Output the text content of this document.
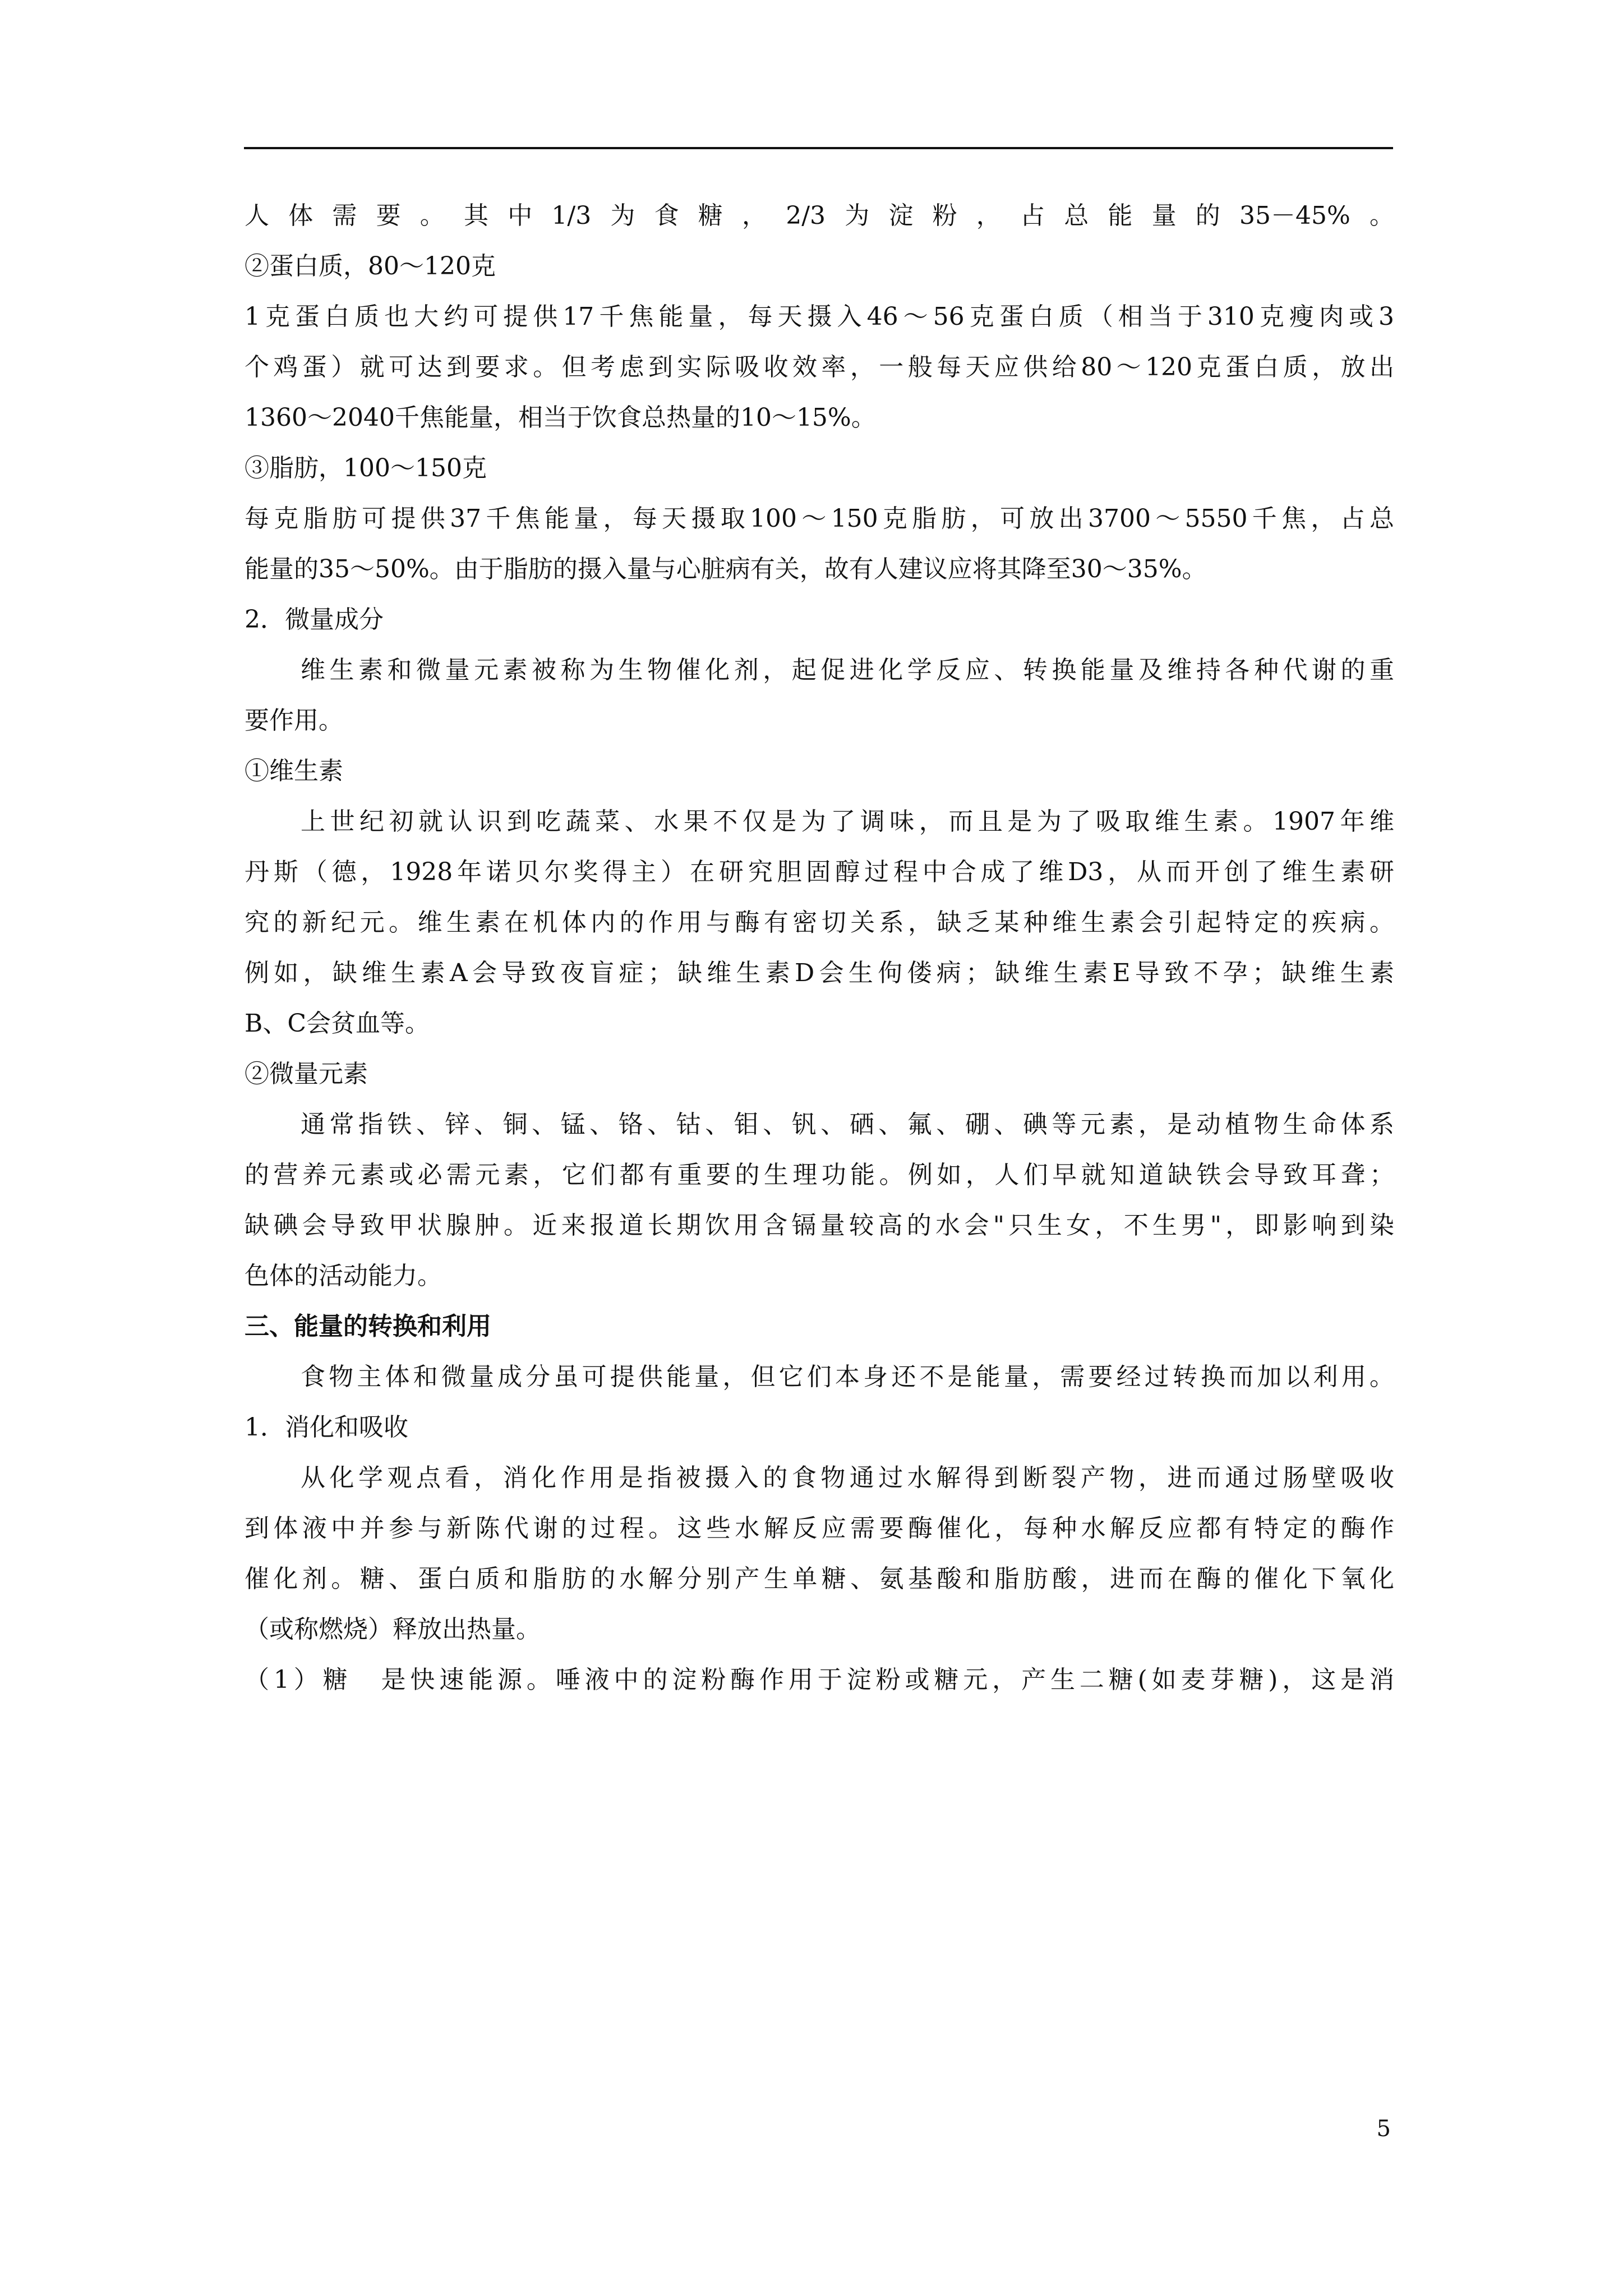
人体需要。其中1/3为食糖，2/3为淀粉，占总能量的35－45%。
②蛋白质，80～120克
1克蛋白质也大约可提供17千焦能量，每天摄入46～56克蛋白质（相当于310克瘦肉或3
个鸡蛋）就可达到要求。但考虑到实际吸收效率，一般每天应供给80～120克蛋白质，放出
1360～2040千焦能量，相当于饮食总热量的10～15%。
③脂肪，100～150克
每克脂肪可提供37千焦能量，每天摄取100～150克脂肪，可放出3700～5550千焦，占总
能量的35～50%。由于脂肪的摄入量与心脏病有关，故有人建议应将其降至30～35%。
2．微量成分
维生素和微量元素被称为生物催化剂，起促进化学反应、转换能量及维持各种代谢的重
要作用。
①维生素
上世纪初就认识到吃蔬菜、水果不仅是为了调味，而且是为了吸取维生素。1907年维
丹斯（德，1928年诺贝尔奖得主）在研究胆固醇过程中合成了维D3，从而开创了维生素研
究的新纪元。维生素在机体内的作用与酶有密切关系，缺乏某种维生素会引起特定的疾病。
例如，缺维生素A会导致夜盲症；缺维生素D会生佝偻病；缺维生素E导致不孕；缺维生素
B、C会贫血等。
②微量元素
通常指铁、锌、铜、锰、铬、钴、钼、钒、硒、氟、硼、碘等元素，是动植物生命体系
的营养元素或必需元素，它们都有重要的生理功能。例如，人们早就知道缺铁会导致耳聋；
缺碘会导致甲状腺肿。近来报道长期饮用含镉量较高的水会"只生女，不生男"，即影响到染
色体的活动能力。
三、能量的转换和利用
食物主体和微量成分虽可提供能量，但它们本身还不是能量，需要经过转换而加以利用。
1．消化和吸收
从化学观点看，消化作用是指被摄入的食物通过水解得到断裂产物，进而通过肠壁吸收
到体液中并参与新陈代谢的过程。这些水解反应需要酶催化，每种水解反应都有特定的酶作
催化剂。糖、蛋白质和脂肪的水解分别产生单糖、氨基酸和脂肪酸，进而在酶的催化下氧化
（或称燃烧）释放出热量。
（1）糖　是快速能源。唾液中的淀粉酶作用于淀粉或糖元，产生二糖(如麦芽糖)，这是消
5
